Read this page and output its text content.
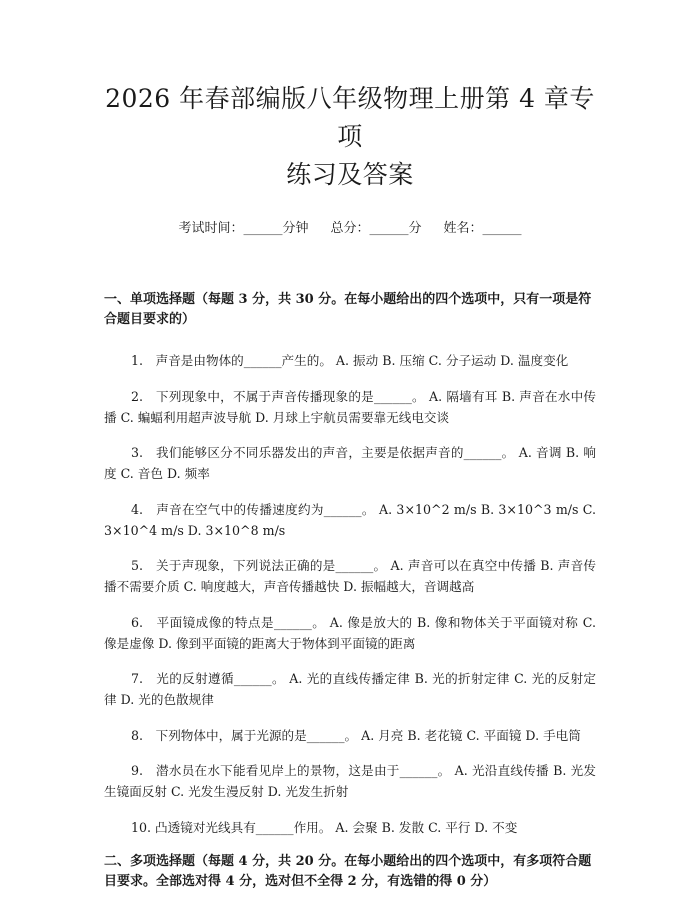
2026 年春部编版八年级物理上册第 4 章专项
练习及答案
考试时间：______分钟 总分：______分 姓名：______
一、单项选择题（每题 3 分，共 30 分。在每小题给出的四个选项中，只有一项是符合题目要求的）

1.　声音是由物体的______产生的。 A. 振动 B. 压缩 C. 分子运动 D. 温度变化

2.　下列现象中，不属于声音传播现象的是______。 A. 隔墙有耳 B. 声音在水中传播 C. 蝙蝠利用超声波导航 D. 月球上宇航员需要靠无线电交谈

3.　我们能够区分不同乐器发出的声音，主要是依据声音的______。 A. 音调 B. 响度 C. 音色 D. 频率

4.　声音在空气中的传播速度约为______。 A. 3×10^2 m/s B. 3×10^3 m/s C. 3×10^4 m/s D. 3×10^8 m/s

5.　关于声现象，下列说法正确的是______。 A. 声音可以在真空中传播 B. 声音传播不需要介质 C. 响度越大，声音传播越快 D. 振幅越大，音调越高

6.　平面镜成像的特点是______。 A. 像是放大的 B. 像和物体关于平面镜对称 C. 像是虚像 D. 像到平面镜的距离大于物体到平面镜的距离

7.　光的反射遵循______。 A. 光的直线传播定律 B. 光的折射定律 C. 光的反射定律 D. 光的色散规律

8.　下列物体中，属于光源的是______。 A. 月亮 B. 老花镜 C. 平面镜 D. 手电筒

9.　潜水员在水下能看见岸上的景物，这是由于______。 A. 光沿直线传播 B. 光发生镜面反射 C. 光发生漫反射 D. 光发生折射

10. 凸透镜对光线具有______作用。 A. 会聚 B. 发散 C. 平行 D. 不变

二、多项选择题（每题 4 分，共 20 分。在每小题给出的四个选项中，有多项符合题目要求。全部选对得 4 分，选对但不全得 2 分，有选错的得 0 分）
